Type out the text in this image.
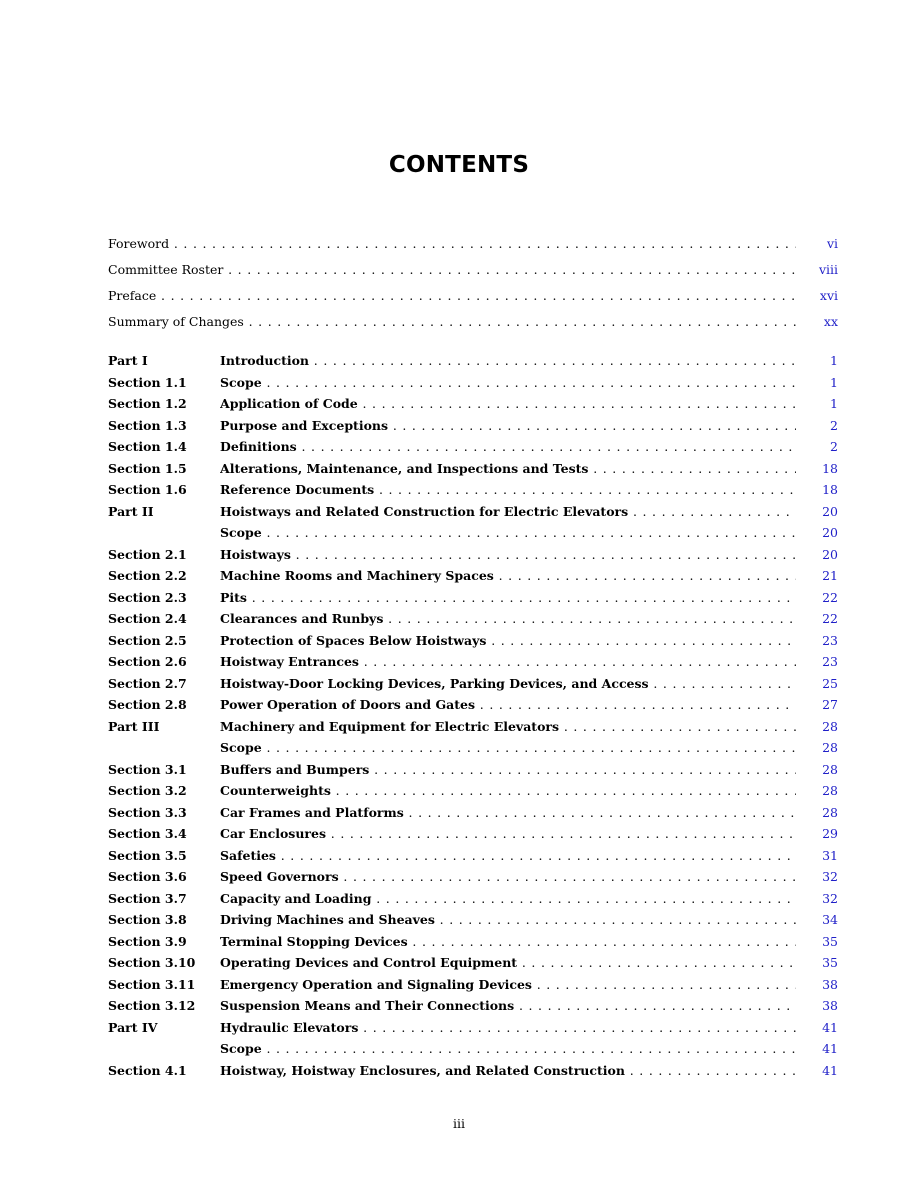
CONTENTS
Foreword . . .	vi
Committee Roster . . .	viii
Preface . . .	xvi
Summary of Changes . . .	xx
Part I	Introduction . . .	1
Section 1.1	Scope . . .	1
Section 1.2	Application of Code . . .	1
Section 1.3	Purpose and Exceptions . . .	2
Section 1.4	Definitions . . .	2
Section 1.5	Alterations, Maintenance, and Inspections and Tests . . .	18
Section 1.6	Reference Documents . . .	18
Part II	Hoistways and Related Construction for Electric Elevators . . .	20
Scope . . .	20
Section 2.1	Hoistways . . .	20
Section 2.2	Machine Rooms and Machinery Spaces . . .	21
Section 2.3	Pits . . .	22
Section 2.4	Clearances and Runbys . . .	22
Section 2.5	Protection of Spaces Below Hoistways . . .	23
Section 2.6	Hoistway Entrances . . .	23
Section 2.7	Hoistway-Door Locking Devices, Parking Devices, and Access . . .	25
Section 2.8	Power Operation of Doors and Gates . . .	27
Part III	Machinery and Equipment for Electric Elevators . . .	28
Scope . . .	28
Section 3.1	Buffers and Bumpers . . .	28
Section 3.2	Counterweights . . .	28
Section 3.3	Car Frames and Platforms . . .	28
Section 3.4	Car Enclosures . . .	29
Section 3.5	Safeties . . .	31
Section 3.6	Speed Governors . . .	32
Section 3.7	Capacity and Loading . . .	32
Section 3.8	Driving Machines and Sheaves . . .	34
Section 3.9	Terminal Stopping Devices . . .	35
Section 3.10 Operating Devices and Control Equipment . . .	35
Section 3.11 Emergency Operation and Signaling Devices . . .	38
Section 3.12 Suspension Means and Their Connections . . .	38
Part IV	Hydraulic Elevators . . .	41
Scope . . .	41
Section 4.1	Hoistway, Hoistway Enclosures, and Related Construction . . .	41
iii
